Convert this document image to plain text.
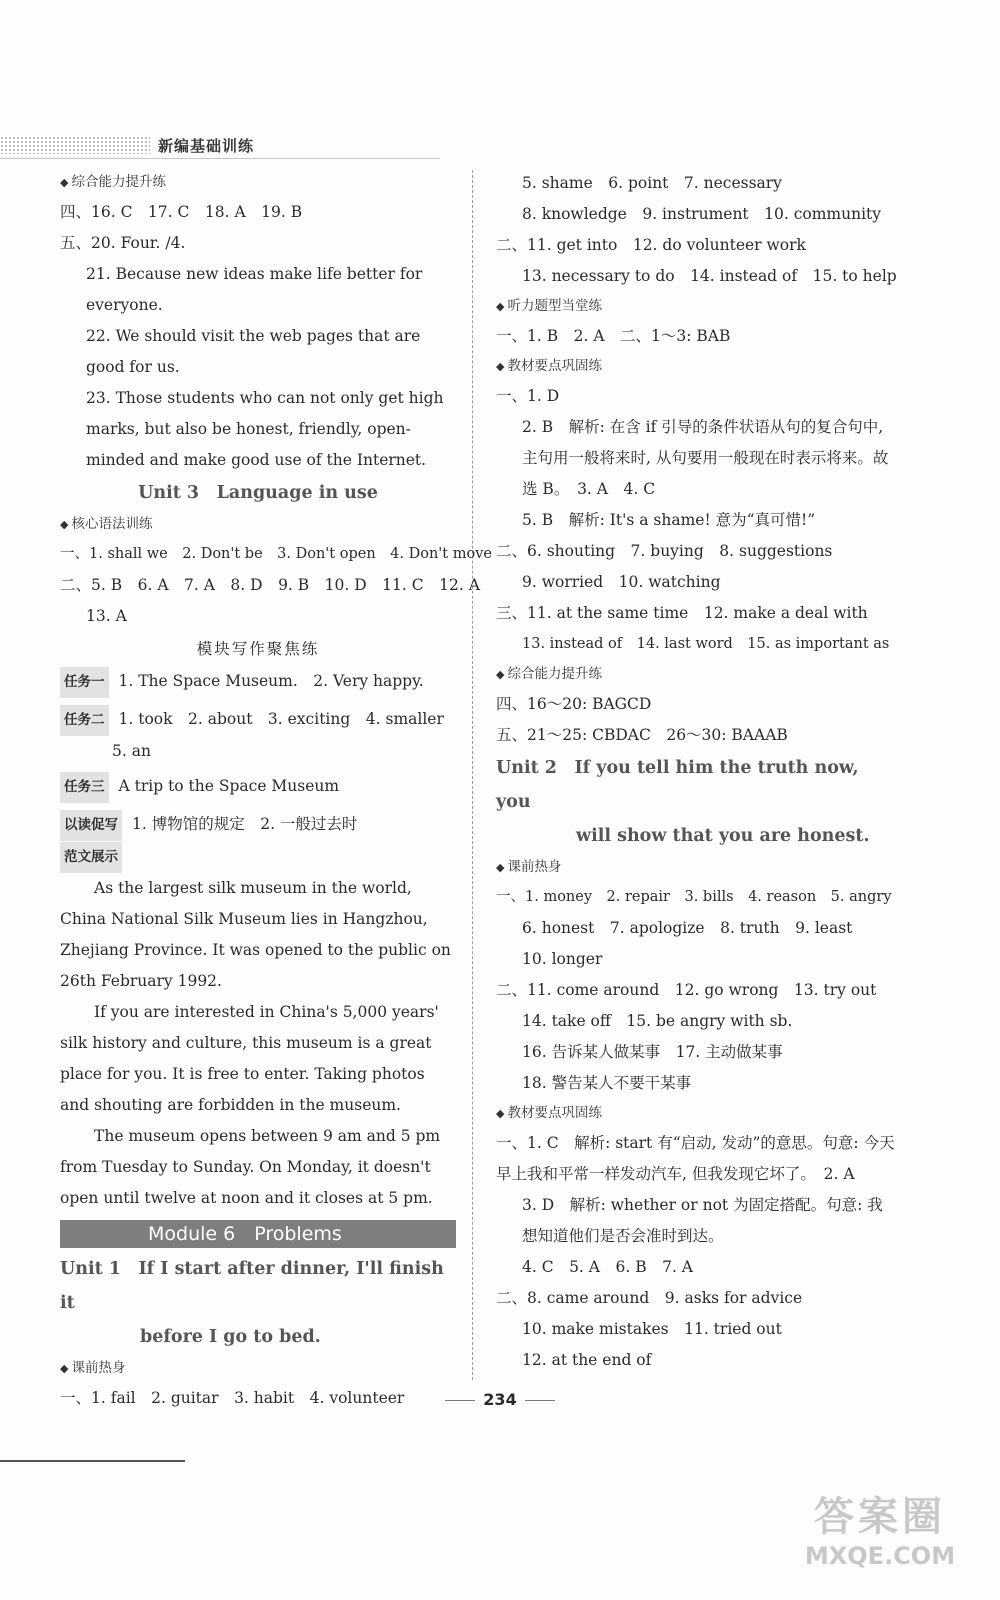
新编基础训练
◆ 综合能力提升练
四、16. C　17. C　18. A　19. B
五、20. Four. /4.
21. Because new ideas make life better for everyone.
22. We should visit the web pages that are good for us.
23. Those students who can not only get high marks, but also be honest, friendly, open-minded and make good use of the Internet.
Unit 3　Language in use
◆ 核心语法训练
一、1. shall we　2. Don't be　3. Don't open　4. Don't move
二、5. B　6. A　7. A　8. D　9. B　10. D　11. C　12. A
13. A
模块写作聚焦练
任务一 1. The Space Museum.　2. Very happy.
任务二 1. took　2. about　3. exciting　4. smaller
5. an
任务三 A trip to the Space Museum
以读促写 1. 博物馆的规定　2. 一般过去时
范文展示
As the largest silk museum in the world, China National Silk Museum lies in Hangzhou, Zhejiang Province. It was opened to the public on 26th February 1992.
If you are interested in China's 5,000 years' silk history and culture, this museum is a great place for you. It is free to enter. Taking photos and shouting are forbidden in the museum.
The museum opens between 9 am and 5 pm from Tuesday to Sunday. On Monday, it doesn't open until twelve at noon and it closes at 5 pm.
Module 6　Problems
Unit 1　If I start after dinner, I'll finish it
before I go to bed.
◆ 课前热身
一、1. fail　2. guitar　3. habit　4. volunteer
5. shame　6. point　7. necessary
8. knowledge　9. instrument　10. community
二、11. get into　12. do volunteer work
13. necessary to do　14. instead of　15. to help
◆ 听力题型当堂练
一、1. B　2. A　二、1～3: BAB
◆ 教材要点巩固练
一、1. D
2. B　解析: 在含 if 引导的条件状语从句的复合句中, 主句用一般将来时, 从句要用一般现在时表示将来。故选 B。　3. A　4. C
5. B　解析: It's a shame! 意为“真可惜!”
二、6. shouting　7. buying　8. suggestions
9. worried　10. watching
三、11. at the same time　12. make a deal with
13. instead of　14. last word　15. as important as
◆ 综合能力提升练
四、16～20: BAGCD
五、21～25: CBDAC　26～30: BAAAB
Unit 2　If you tell him the truth now, you
will show that you are honest.
◆ 课前热身
一、1. money　2. repair　3. bills　4. reason　5. angry
6. honest　7. apologize　8. truth　9. least
10. longer
二、11. come around　12. go wrong　13. try out
14. take off　15. be angry with sb.
16. 告诉某人做某事　17. 主动做某事
18. 警告某人不要干某事
◆ 教材要点巩固练
一、1. C　解析: start 有“启动, 发动”的意思。句意: 今天早上我和平常一样发动汽车, 但我发现它坏了。　2. A
3. D　解析: whether or not 为固定搭配。句意: 我想知道他们是否会准时到达。
4. C　5. A　6. B　7. A
二、8. came around　9. asks for advice
10. make mistakes　11. tried out
12. at the end of
234
答案圈
MXQE.COM
